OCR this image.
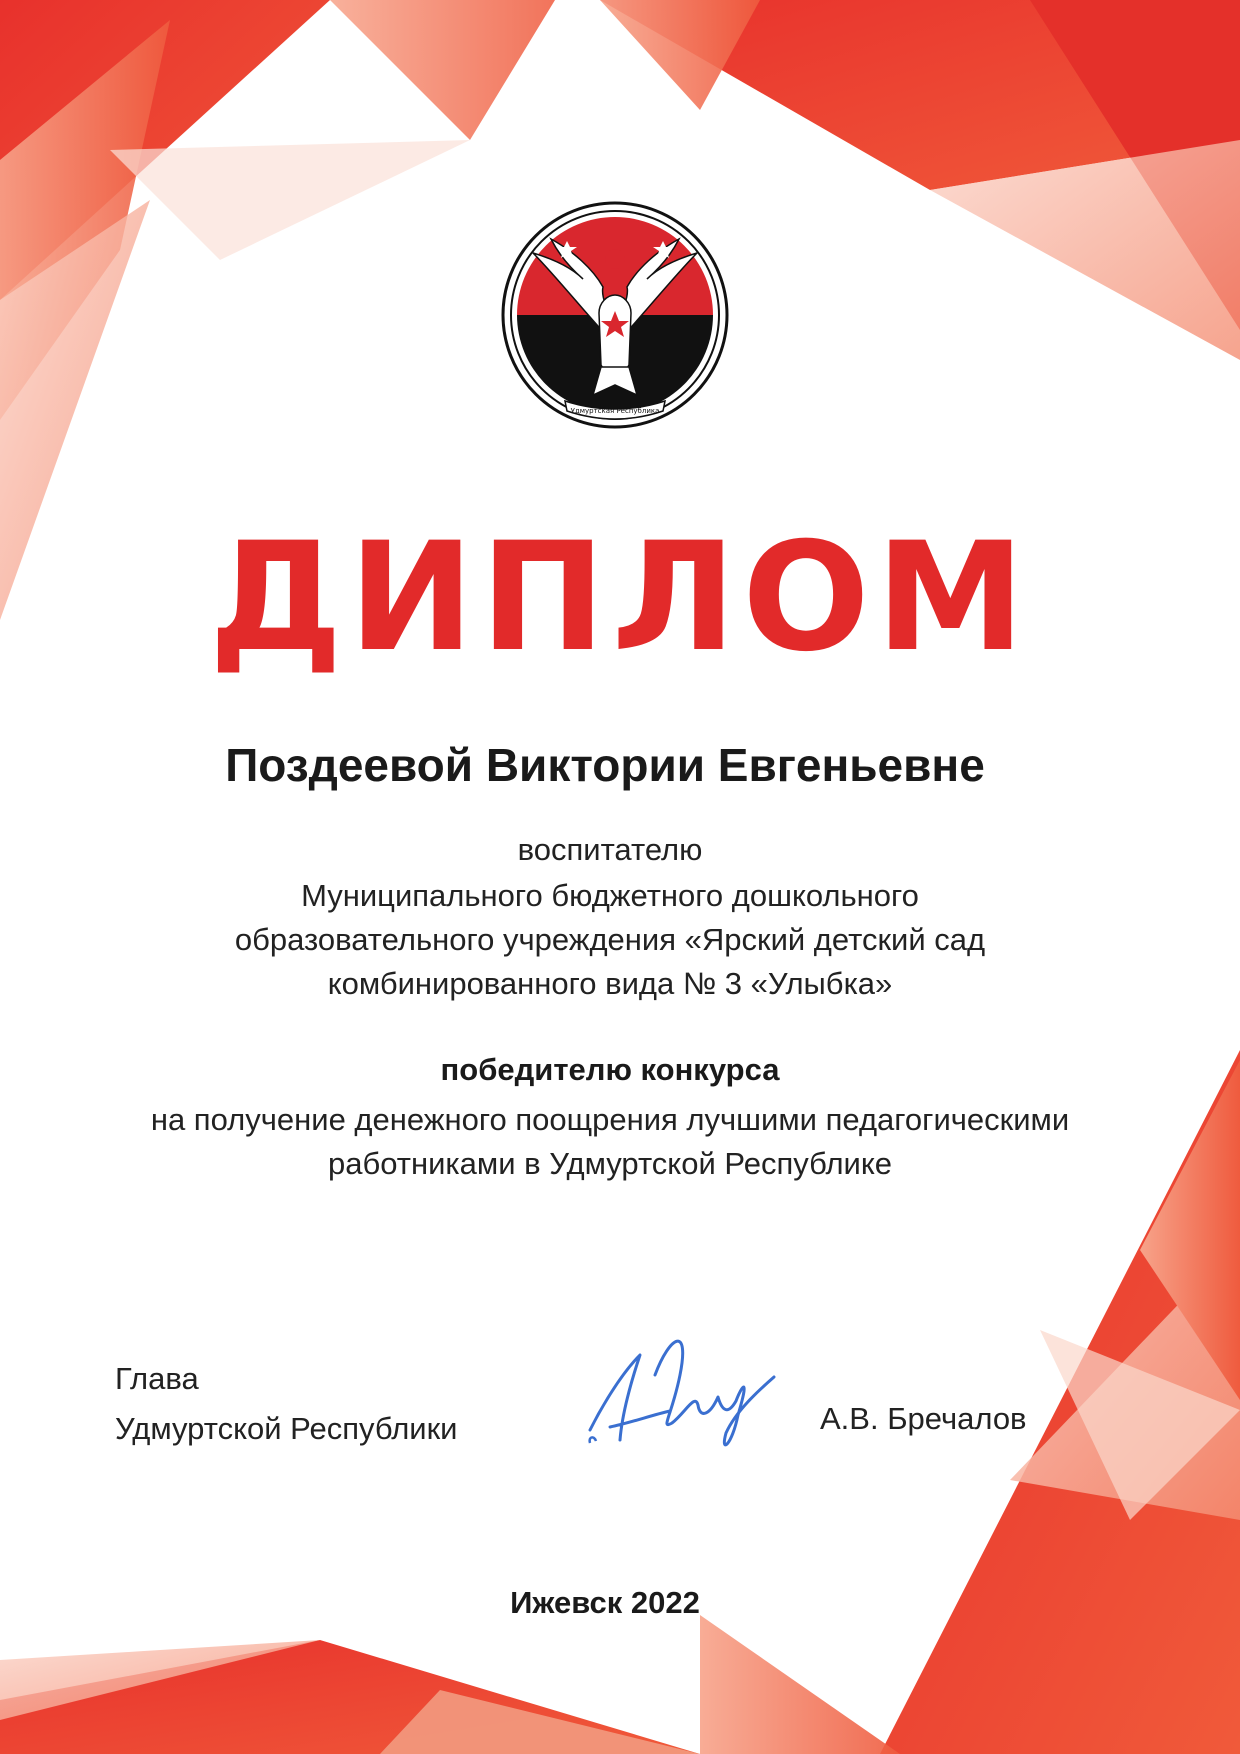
Удмуртская Республика
ДИПЛОМ
Поздеевой Виктории Евгеньевне
воспитателю
Муниципального бюджетного дошкольного
образовательного учреждения «Ярский детский сад
комбинированного вида № 3 «Улыбка»
победителю конкурса
на получение денежного поощрения лучшими педагогическими
работниками в Удмуртской Республике
Глава
Удмуртской Республики	А.В. Бречалов
Ижевск 2022
